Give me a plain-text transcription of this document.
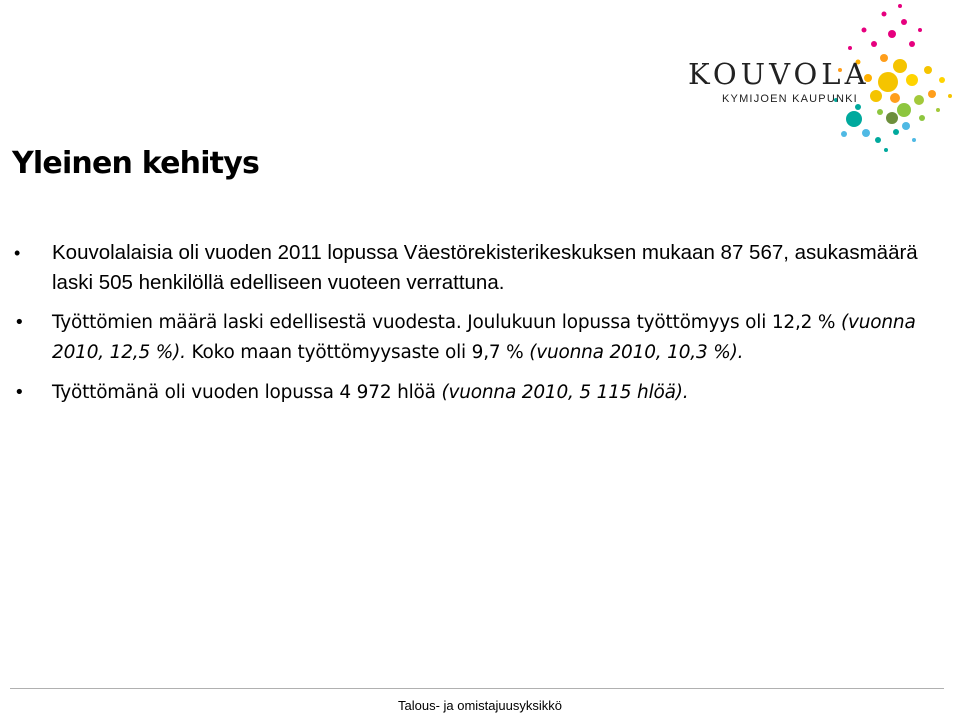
KOUVOLA
KYMIJOEN KAUPUNKI
Yleinen kehitys
• Kouvolalaisia oli vuoden 2011 lopussa Väestörekisterikeskuksen mukaan 87 567, asukasmäärä laski 505 henkilöllä edelliseen vuoteen verrattuna.
• Työttömien määrä laski edellisestä vuodesta. Joulukuun lopussa työttömyys oli 12,2 % (vuonna 2010, 12,5 %). Koko maan työttömyysaste oli 9,7 % (vuonna 2010, 10,3 %).
• Työttömänä oli vuoden lopussa 4 972 hlöä (vuonna 2010, 5 115 hlöä).
Talous- ja omistajuusyksikkö
